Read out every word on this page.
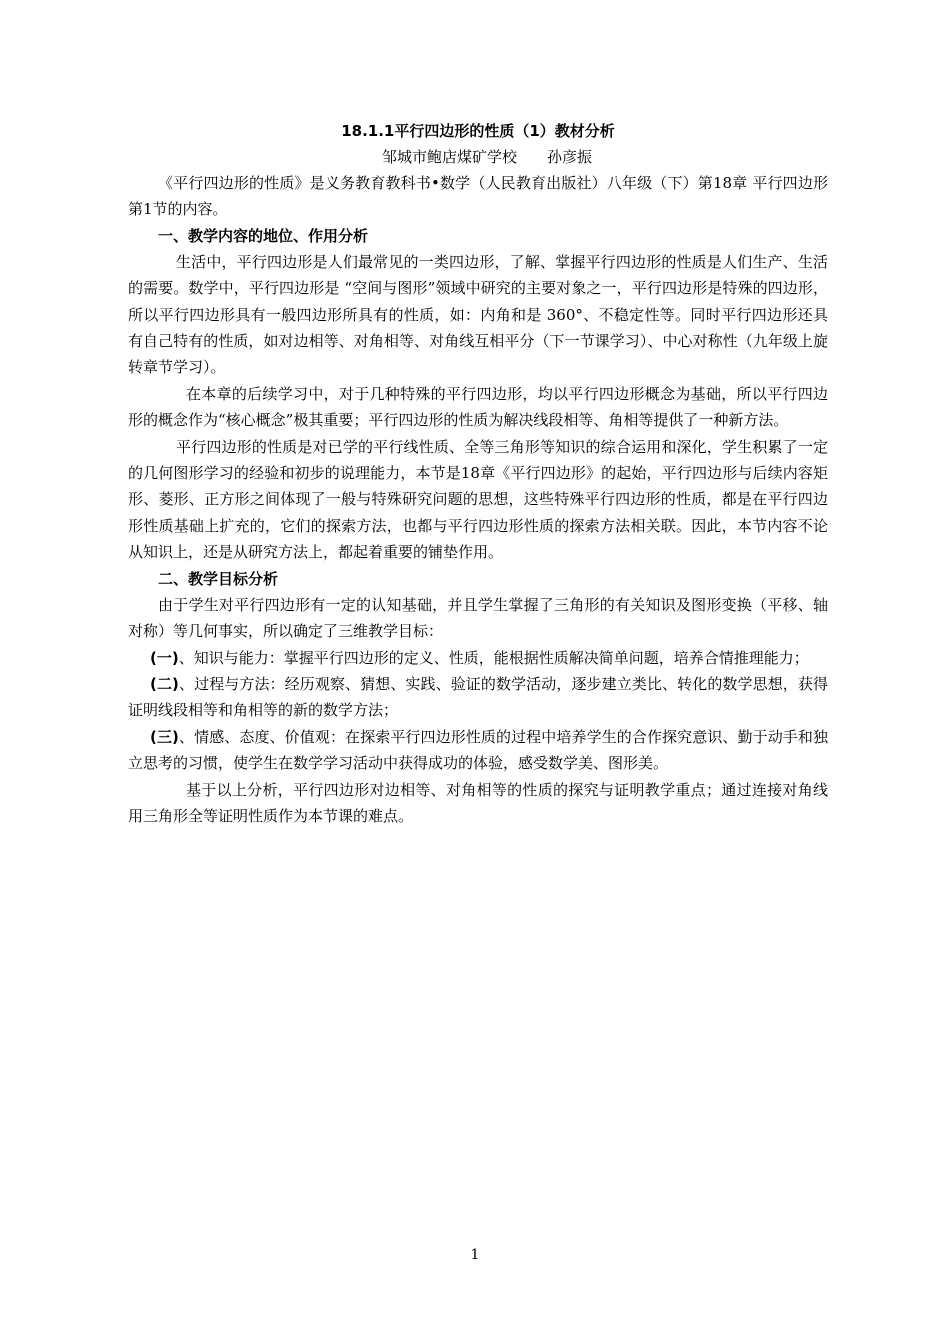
18.1.1平行四边形的性质（1）教材分析
邹城市鲍店煤矿学校 孙彦振

《平行四边形的性质》是义务教育教科书•数学（人民教育出版社）八年级（下）第18章 平行四边形第1节的内容。

一、教学内容的地位、作用分析

生活中，平行四边形是人们最常见的一类四边形，了解、掌握平行四边形的性质是人们生产、生活的需要。数学中，平行四边形是 “空间与图形”领域中研究的主要对象之一，平行四边形是特殊的四边形，所以平行四边形具有一般四边形所具有的性质，如：内角和是 360°、不稳定性等。同时平行四边形还具有自己特有的性质，如对边相等、对角相等、对角线互相平分（下一节课学习）、中心对称性（九年级上旋转章节学习）。

在本章的后续学习中，对于几种特殊的平行四边形，均以平行四边形概念为基础，所以平行四边形的概念作为“核心概念”极其重要；平行四边形的性质为解决线段相等、角相等提供了一种新方法。

平行四边形的性质是对已学的平行线性质、全等三角形等知识的综合运用和深化，学生积累了一定的几何图形学习的经验和初步的说理能力，本节是18章《平行四边形》的起始，平行四边形与后续内容矩形、菱形、正方形之间体现了一般与特殊研究问题的思想，这些特殊平行四边形的性质，都是在平行四边形性质基础上扩充的，它们的探索方法，也都与平行四边形性质的探索方法相关联。因此，本节内容不论从知识上，还是从研究方法上，都起着重要的铺垫作用。

二、教学目标分析

由于学生对平行四边形有一定的认知基础，并且学生掌握了三角形的有关知识及图形变换（平移、轴对称）等几何事实，所以确定了三维教学目标：

(一)、知识与能力：掌握平行四边形的定义、性质，能根据性质解决简单问题，培养合情推理能力；

(二)、过程与方法：经历观察、猜想、实践、验证的数学活动，逐步建立类比、转化的数学思想，获得证明线段相等和角相等的新的数学方法；

(三)、情感、态度、价值观：在探索平行四边形性质的过程中培养学生的合作探究意识、勤于动手和独立思考的习惯，使学生在数学学习活动中获得成功的体验，感受数学美、图形美。

基于以上分析，平行四边形对边相等、对角相等的性质的探究与证明教学重点；通过连接对角线用三角形全等证明性质作为本节课的难点。

1
